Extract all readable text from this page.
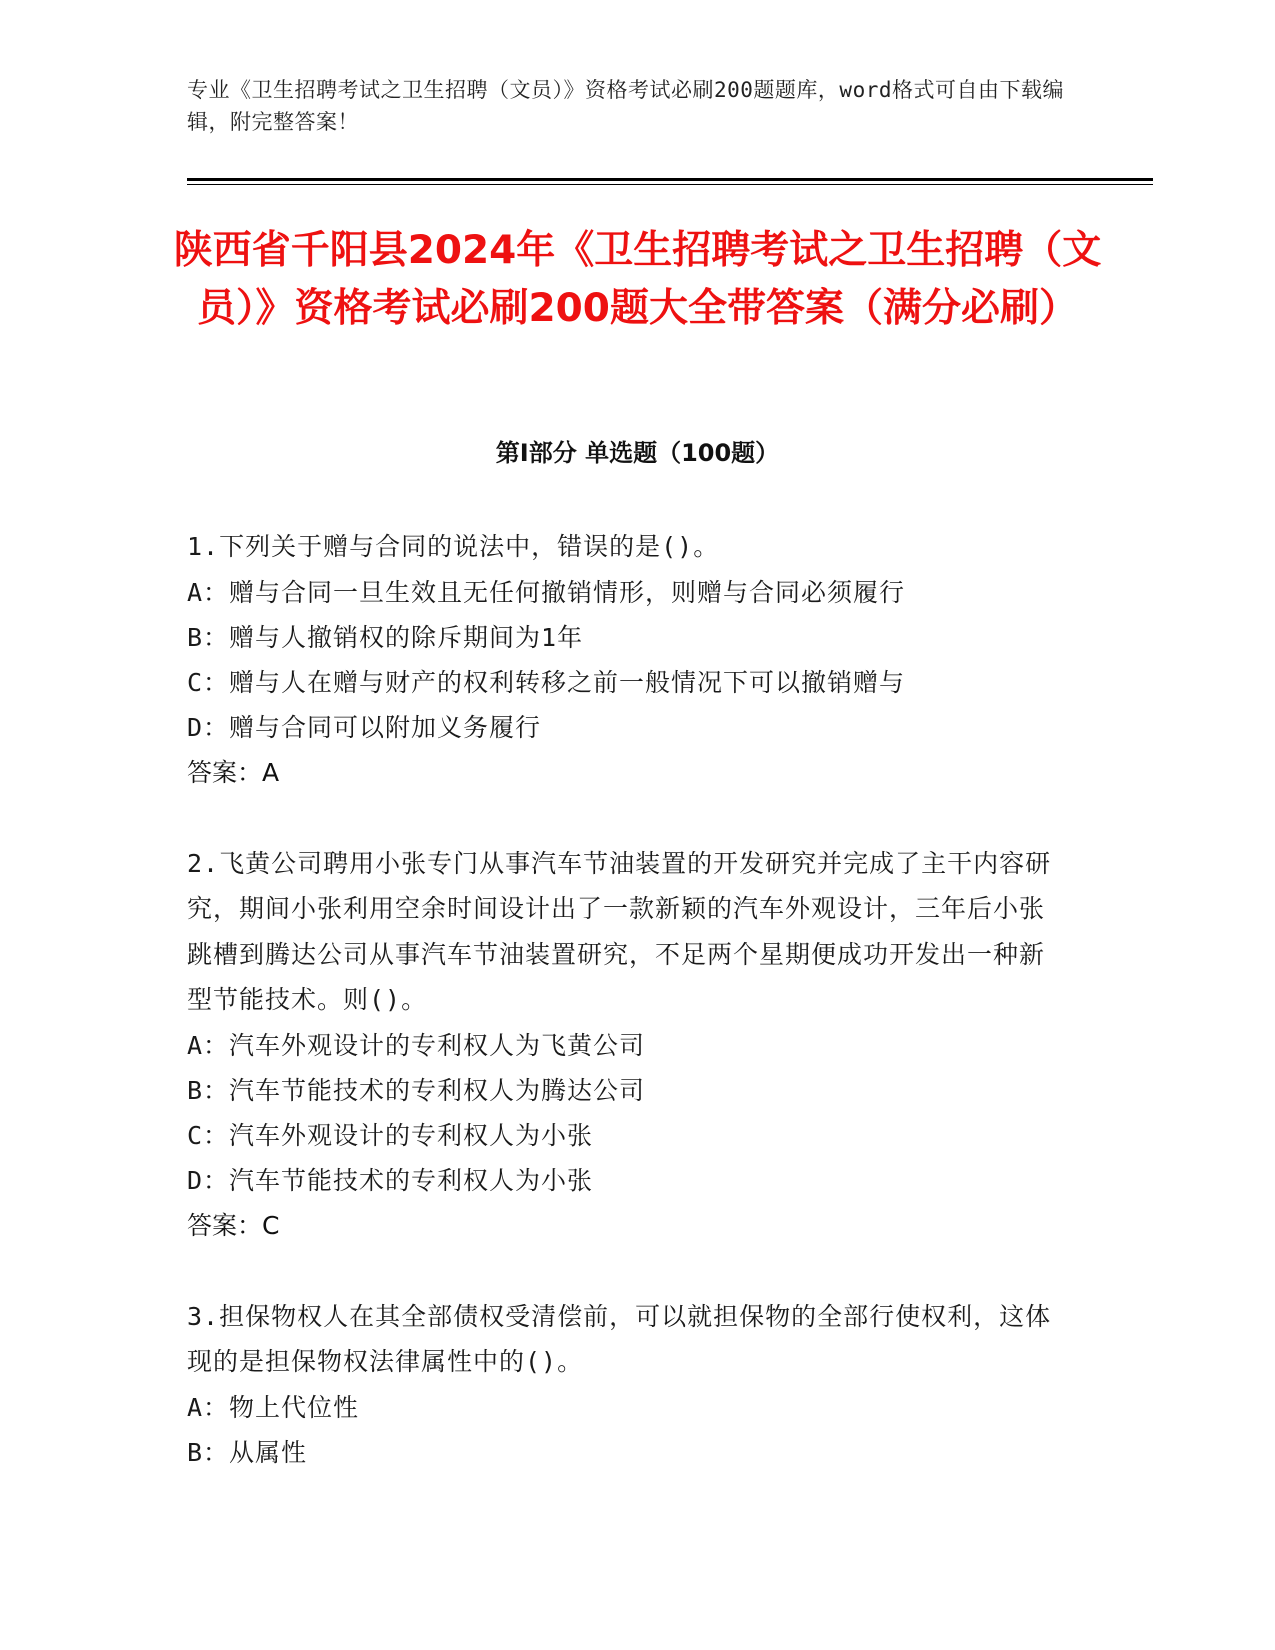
专业《卫生招聘考试之卫生招聘（文员）》资格考试必刷200题题库，word格式可自由下载编辑，附完整答案！
陕西省千阳县2024年《卫生招聘考试之卫生招聘（文员）》资格考试必刷200题大全带答案（满分必刷）
第Ⅰ部分 单选题（100题）
1.下列关于赠与合同的说法中，错误的是()。
A：赠与合同一旦生效且无任何撤销情形，则赠与合同必须履行
B：赠与人撤销权的除斥期间为1年
C：赠与人在赠与财产的权利转移之前一般情况下可以撤销赠与
D：赠与合同可以附加义务履行
答案：A
2.飞黄公司聘用小张专门从事汽车节油装置的开发研究并完成了主干内容研究，期间小张利用空余时间设计出了一款新颖的汽车外观设计，三年后小张跳槽到腾达公司从事汽车节油装置研究，不足两个星期便成功开发出一种新型节能技术。则()。
A：汽车外观设计的专利权人为飞黄公司
B：汽车节能技术的专利权人为腾达公司
C：汽车外观设计的专利权人为小张
D：汽车节能技术的专利权人为小张
答案：C
3.担保物权人在其全部债权受清偿前，可以就担保物的全部行使权利，这体现的是担保物权法律属性中的()。
A：物上代位性
B：从属性
